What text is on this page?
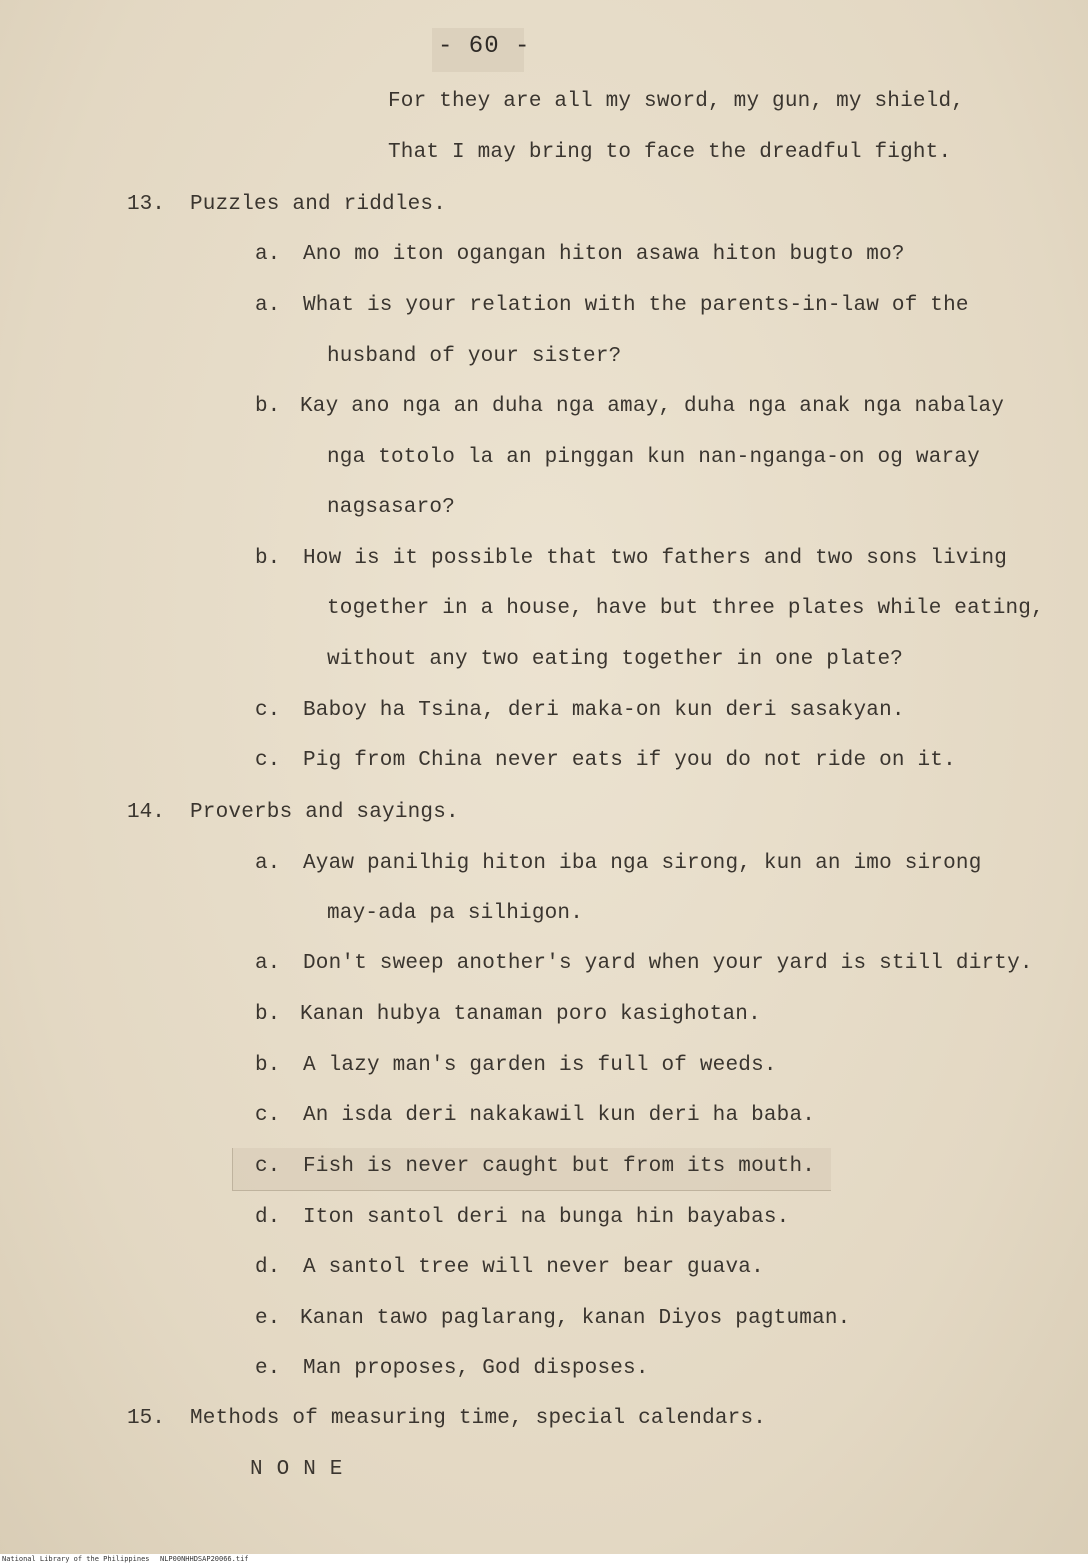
- 60 -
For they are all my sword, my gun, my shield,
That I may bring to face the dreadful fight.
13. Puzzles and riddles.
a. Ano mo iton ogangan hiton asawa hiton bugto mo?
a. What is your relation with the parents-in-law of the
husband of your sister?
b. Kay ano nga an duha nga amay, duha nga anak nga nabalay
nga totolo la an pinggan kun nan-nganga-on og waray
nagsasaro?
b. How is it possible that two fathers and two sons living
together in a house, have but three plates while eating,
without any two eating together in one plate?
c. Baboy ha Tsina, deri maka-on kun deri sasakyan.
c. Pig from China never eats if you do not ride on it.
14. Proverbs and sayings.
a. Ayaw panilhig hiton iba nga sirong, kun an imo sirong
may-ada pa silhigon.
a. Don't sweep another's yard when your yard is still dirty.
b. Kanan hubya tanaman poro kasighotan.
b. A lazy man's garden is full of weeds.
c. An isda deri nakakawil kun deri ha baba.
c. Fish is never caught but from its mouth.
d. Iton santol deri na bunga hin bayabas.
d. A santol tree will never bear guava.
e. Kanan tawo paglarang, kanan Diyos pagtuman.
e. Man proposes, God disposes.
15. Methods of measuring time, special calendars.
NONE
National Library of the Philippines NLP00NHHDSAP20066.tif
